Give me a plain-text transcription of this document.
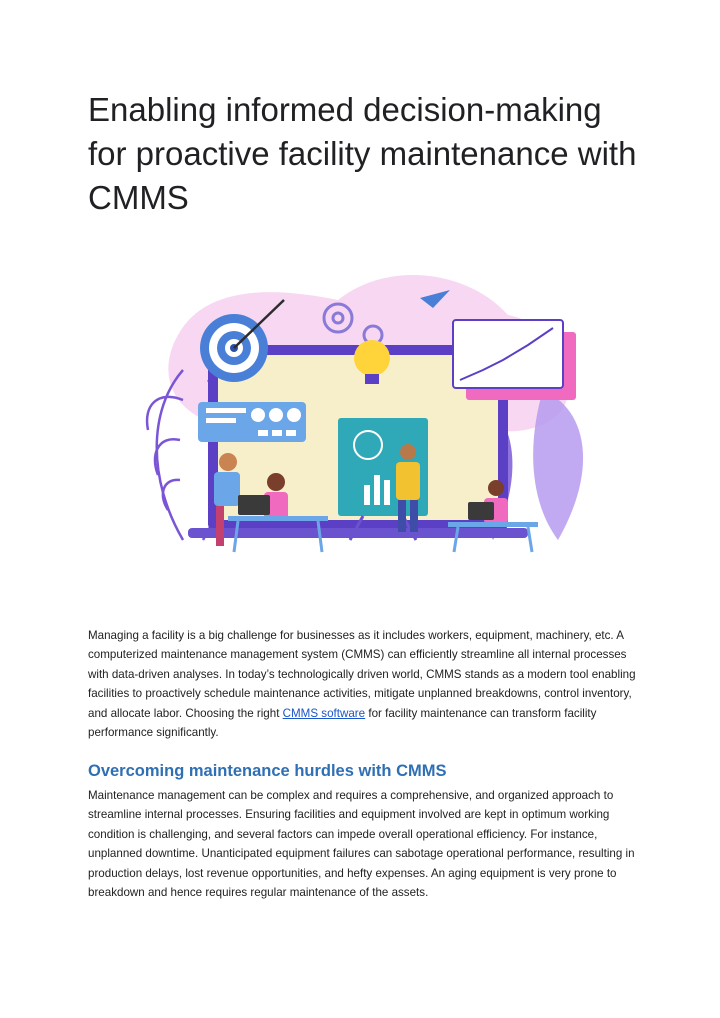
Enabling informed decision-making for proactive facility maintenance with CMMS

Managing a facility is a big challenge for businesses as it includes workers, equipment, machinery, etc. A computerized maintenance management system (CMMS) can efficiently streamline all internal processes with data-driven analyses. In today’s technologically driven world, CMMS stands as a modern tool enabling facilities to proactively schedule maintenance activities, mitigate unplanned breakdowns, control inventory, and allocate labor. Choosing the right CMMS software for facility maintenance can transform facility performance significantly.

Overcoming maintenance hurdles with CMMS

Maintenance management can be complex and requires a comprehensive, and organized approach to streamline internal processes. Ensuring facilities and equipment involved are kept in optimum working condition is challenging, and several factors can impede overall operational efficiency. For instance, unplanned downtime. Unanticipated equipment failures can sabotage operational performance, resulting in production delays, lost revenue opportunities, and hefty expenses. An aging equipment is very prone to breakdown and hence requires regular maintenance of the assets.
